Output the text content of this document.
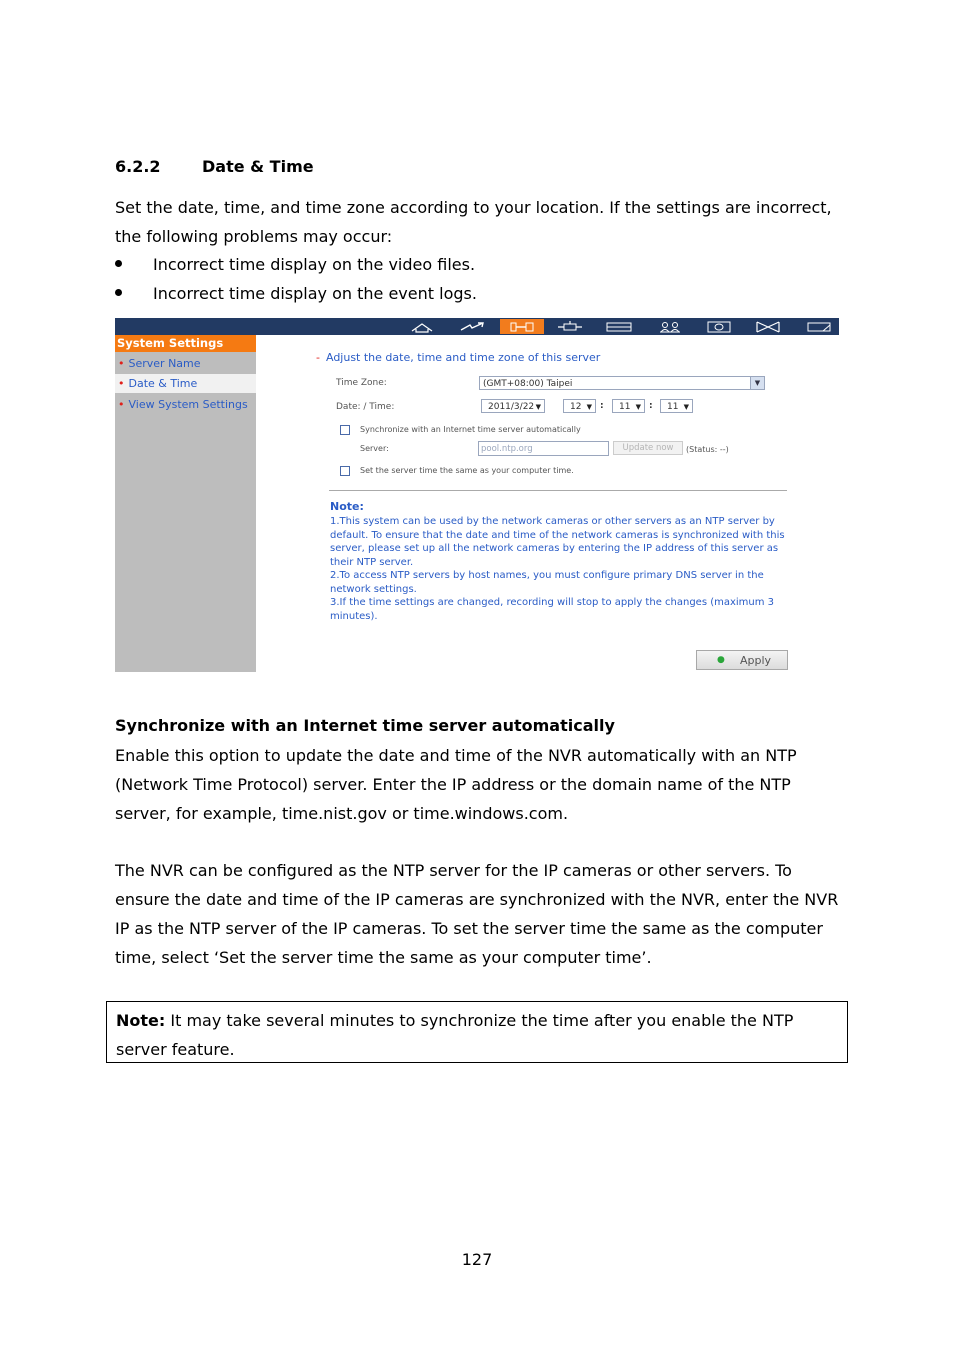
6.2.2	Date & Time
Set the date, time, and time zone according to your location. If the settings are incorrect, the following problems may occur:
Incorrect time display on the video files.
Incorrect time display on the event logs.
System Settings
• Server Name
• Date & Time
• View System Settings
- Adjust the date, time and time zone of this server
Time Zone:	(GMT+08:00) Taipei	▼
Date: / Time:	2011/3/22 ▼	12 ▼ :	11 ▼ :	11 ▼
Synchronize with an Internet time server automatically
Server:	pool.ntp.org	Update now	(Status: --)
Set the server time the same as your computer time.
Note:

1.This system can be used by the network cameras or other servers as an NTP server by default. To ensure that the date and time of the network cameras is synchronized with this server, please set up all the network cameras by entering the IP address of this server as their NTP server.

2.To access NTP servers by host names, you must configure primary DNS server in the network settings.

3.If the time settings are changed, recording will stop to apply the changes (maximum 3 minutes).

● Apply
Synchronize with an Internet time server automatically
Enable this option to update the date and time of the NVR automatically with an NTP (Network Time Protocol) server. Enter the IP address or the domain name of the NTP server, for example, time.nist.gov or time.windows.com.
The NVR can be configured as the NTP server for the IP cameras or other servers. To ensure the date and time of the IP cameras are synchronized with the NVR, enter the NVR IP as the NTP server of the IP cameras. To set the server time the same as the computer time, select ‘Set the server time the same as your computer time’.
Note: It may take several minutes to synchronize the time after you enable the NTP server feature.
127
